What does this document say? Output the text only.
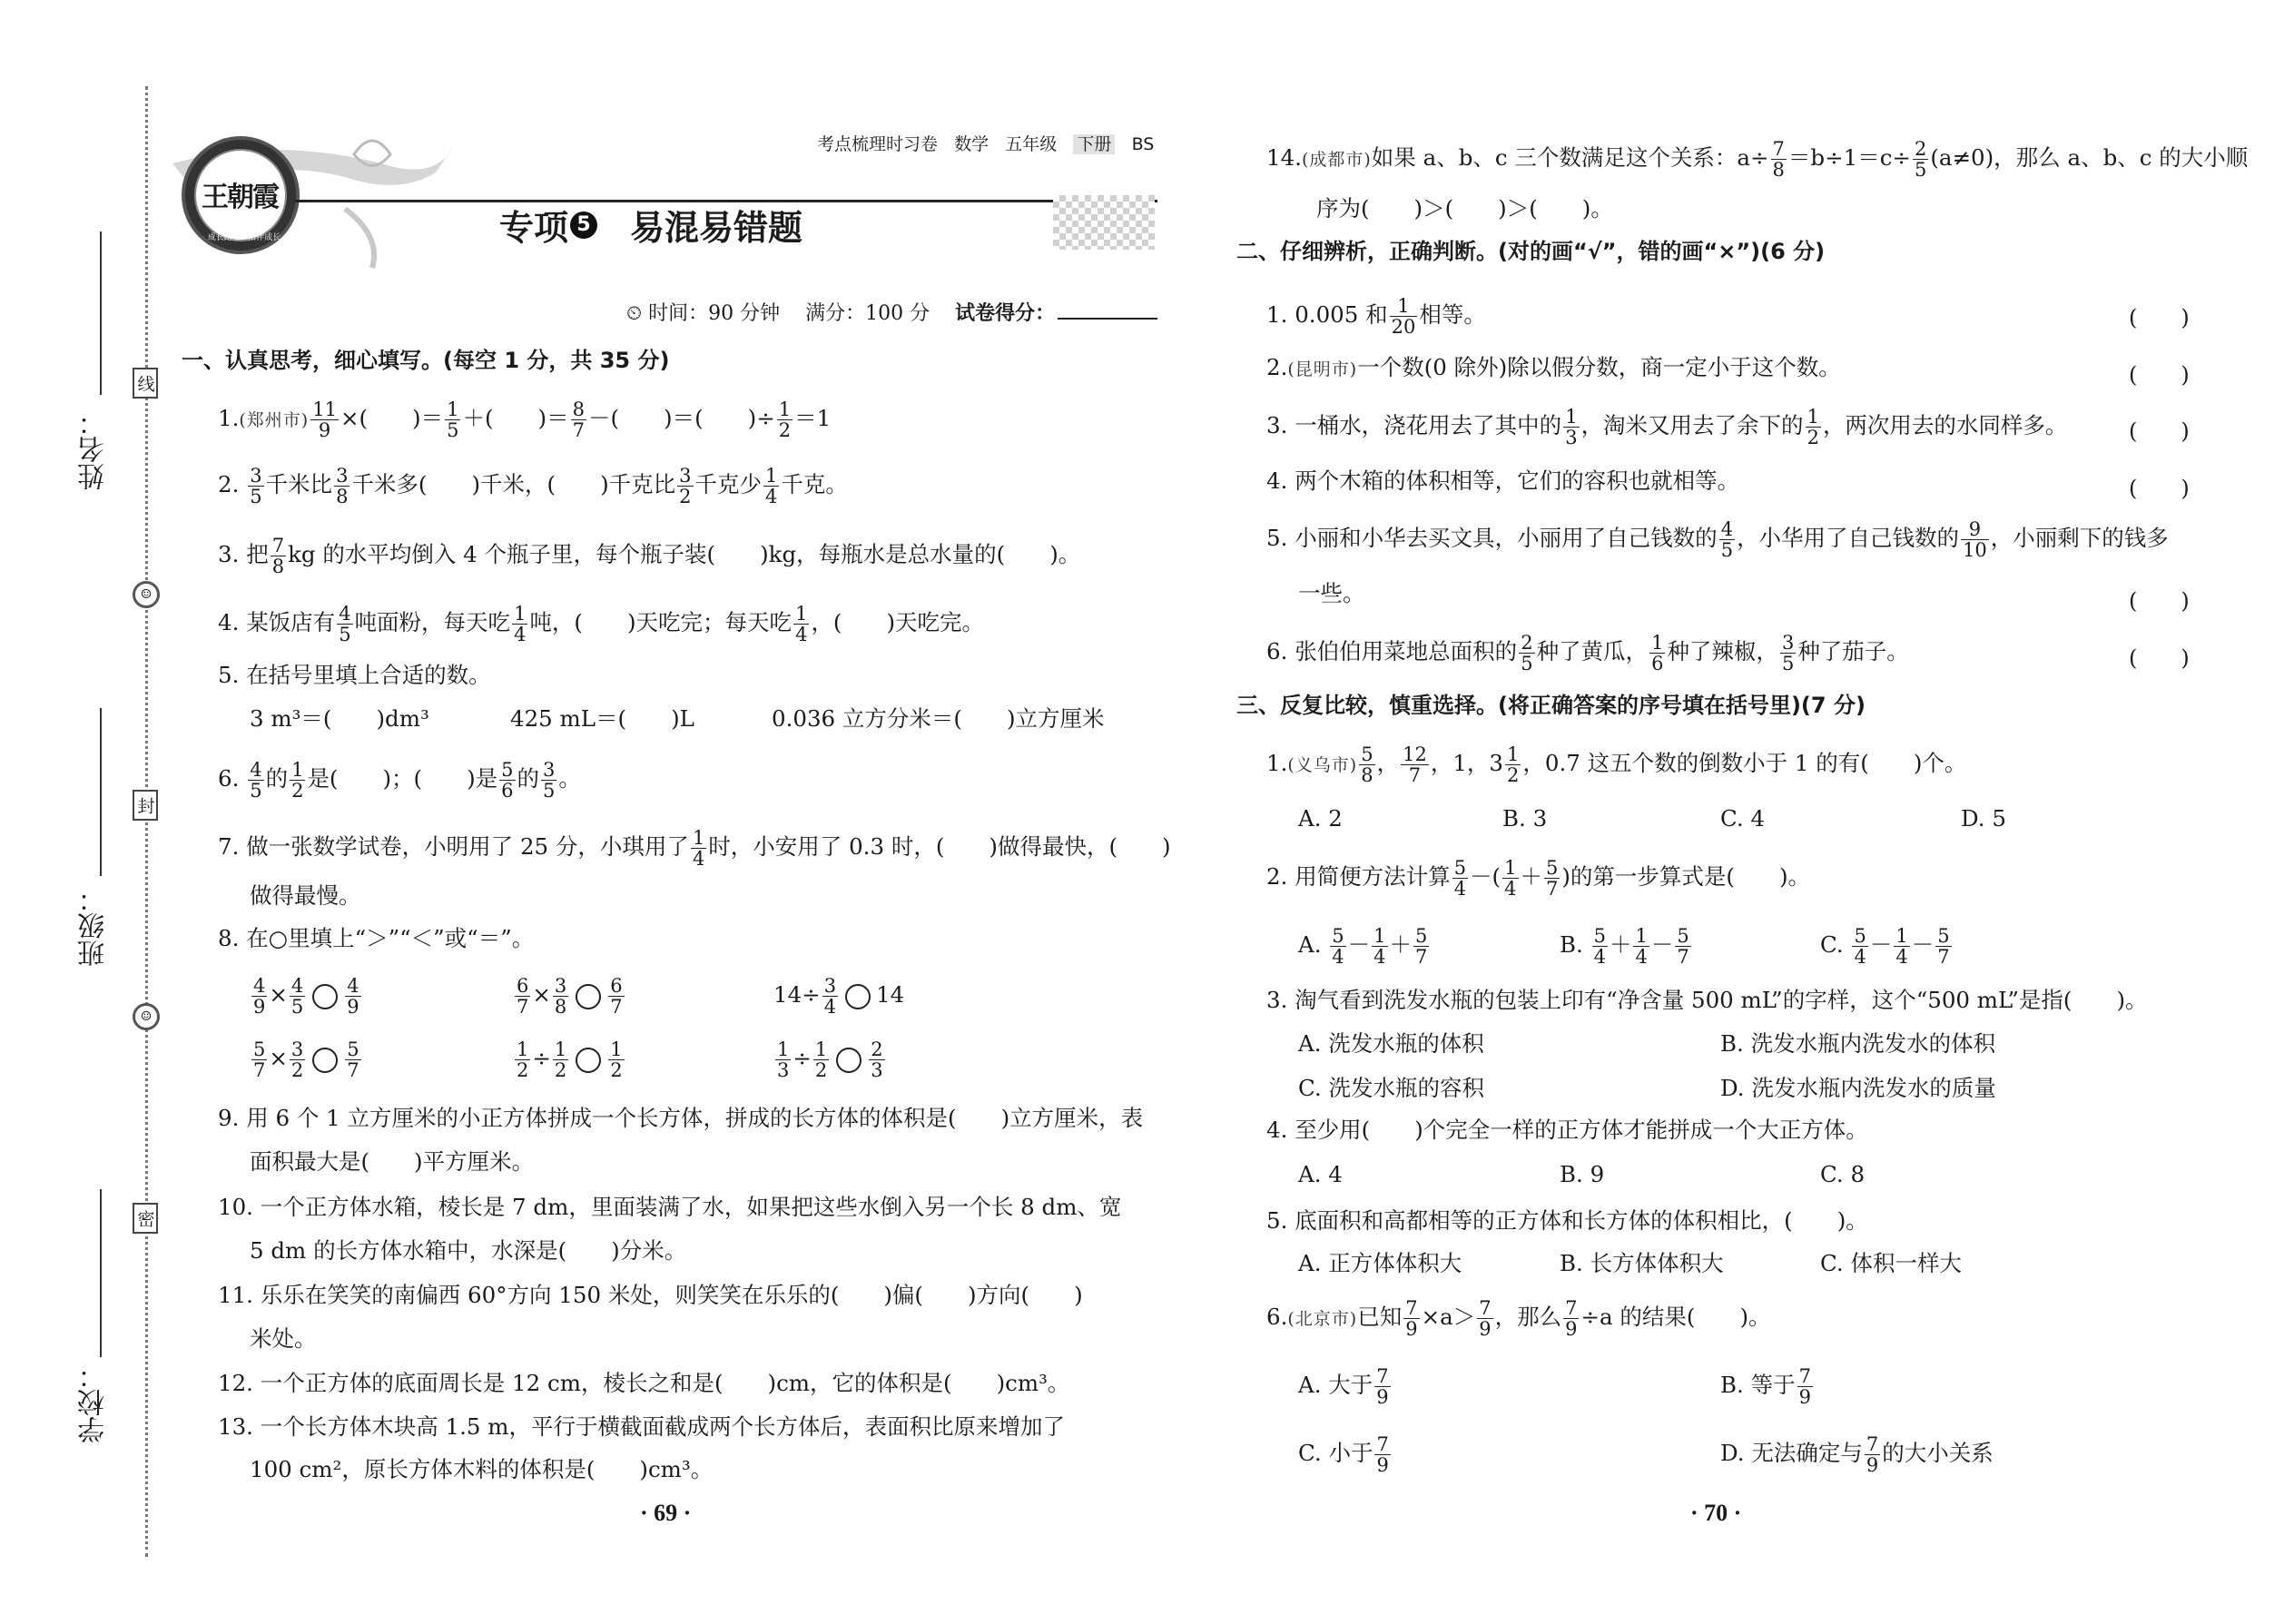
姓名：
班级：
学校：
线
☺
封
☺
密
王朝霞
成长路上 · 陪伴成长
考点梳理时习卷 数学 五年级 下册 BS
专项 5 易混易错题
⏲ 时间：90 分钟 满分：100 分 试卷得分：
一、认真思考，细心填写。(每空 1 分，共 35 分)
1.(郑州市) $\frac{11}{9}$ ×(　　)＝ $\frac{1}{5}$ ＋(　　)＝ $\frac{8}{7}$ －(　　)＝(　　)÷ $\frac{1}{2} =1$
2. $\frac{3}{5}$ 千米比 $\frac{3}{8}$ 千米多(　　)千米，(　　)千克比 $\frac{3}{2}$ 千克少 $\frac{1}{4}$ 千克。
3. 把 $\frac{7}{8}$ kg 的水平均倒入 4 个瓶子里，每个瓶子装(　　)kg，每瓶水是总水量的(　　)。
4. 某饭店有 $\frac{4}{5}$ 吨面粉，每天吃 $\frac{1}{4}$ 吨，(　　)天吃完；每天吃 $\frac{1}{4}$ ，(　　)天吃完。
5. 在括号里填上合适的数。
3 m³＝(　　)dm³	425 mL＝(　　)L	0.036 立方分米＝(　　)立方厘米
6. $\frac{4}{5}$ 的 $\frac{1}{2}$ 是(　　)；(　　)是 $\frac{5}{6}$ 的 $\frac{3}{5}$ 。
7. 做一张数学试卷，小明用了 25 分，小琪用了 $\frac{1}{4}$ 时，小安用了 0.3 时，(　　)做得最快，(　　)
做得最慢。
8. 在○里填上“＞”“＜”或“＝”。
$\frac{4}{9} \times \frac{4}{5} \frac{4}{9}$	$\frac{6}{7} \times \frac{3}{8} \frac{6}{7}$	$14\div \frac{3}{4} 14$
$\frac{5}{7} \times \frac{3}{2} \frac{5}{7}$	$\frac{1}{2} \div \frac{1}{2} \frac{1}{2}$	$\frac{1}{3} \div \frac{1}{2} \frac{2}{3}$
9. 用 6 个 1 立方厘米的小正方体拼成一个长方体，拼成的长方体的体积是(　　)立方厘米，表
面积最大是(　　)平方厘米。
10. 一个正方体水箱，棱长是 7 dm，里面装满了水，如果把这些水倒入另一个长 8 dm、宽
5 dm 的长方体水箱中，水深是(　　)分米。
11. 乐乐在笑笑的南偏西 60°方向 150 米处，则笑笑在乐乐的(　　)偏(　　)方向(　　)
米处。
12. 一个正方体的底面周长是 12 cm，棱长之和是(　　)cm，它的体积是(　　)cm³。
13. 一个长方体木块高 1.5 m，平行于横截面截成两个长方体后，表面积比原来增加了
100 cm²，原长方体木料的体积是(　　)cm³。
· 69 ·
14.(成都市)如果 a、b、c 三个数满足这个关系：$a\div \frac{7}{8} =b\div 1=c\div \frac{2}{5} (a\ne 0)$，那么 a、b、c 的大小顺
序为(　　)＞(　　)＞(　　)。
二、仔细辨析，正确判断。(对的画“√”，错的画“×”)(6 分)
1. 0.005 和 $\frac{1}{20}$ 相等。	(　　)
2.(昆明市)一个数(0 除外)除以假分数，商一定小于这个数。	(　　)
3. 一桶水，浇花用去了其中的 $\frac{1}{3}$ ，淘米又用去了余下的 $\frac{1}{2}$ ，两次用去的水同样多。	(　　)
4. 两个木箱的体积相等，它们的容积也就相等。	(　　)
5. 小丽和小华去买文具，小丽用了自己钱数的 $\frac{4}{5}$ ，小华用了自己钱数的 $\frac{9}{10}$ ，小丽剩下的钱多
一些。	(　　)
6. 张伯伯用菜地总面积的 $\frac{2}{5}$ 种了黄瓜， $\frac{1}{6}$ 种了辣椒， $\frac{3}{5}$ 种了茄子。	(　　)
三、反复比较，慎重选择。(将正确答案的序号填在括号里)(7 分)
1.(义乌市) $\frac{5}{8}$ ， $\frac{12}{7}$ ，1，$3 \frac{1}{2}$ ，0.7 这五个数的倒数小于 1 的有(　　)个。
A. 2	B. 3	C. 4	D. 5
2. 用简便方法计算 $\frac{5}{4}$ －( $\frac{1}{4} + \frac{5}{7}$ )的第一步算式是(　　)。
A. $\frac{5}{4} - \frac{1}{4} + \frac{5}{7}$	B. $\frac{5}{4} + \frac{1}{4} - \frac{5}{7}$	C. $\frac{5}{4} - \frac{1}{4} - \frac{5}{7}$
3. 淘气看到洗发水瓶的包装上印有“净含量 500 mL”的字样，这个“500 mL”是指(　　)。
A. 洗发水瓶的体积	B. 洗发水瓶内洗发水的体积
C. 洗发水瓶的容积	D. 洗发水瓶内洗发水的质量
4. 至少用(　　)个完全一样的正方体才能拼成一个大正方体。
A. 4	B. 9	C. 8
5. 底面积和高都相等的正方体和长方体的体积相比，(　　)。
A. 正方体体积大	B. 长方体体积大	C. 体积一样大
6.(北京市)已知 $\frac{7}{9} \times a> \frac{7}{9}$ ，那么 $\frac{7}{9} \div a$ 的结果(　　)。
A. 大于 $\frac{7}{9}$	B. 等于 $\frac{7}{9}$
C. 小于 $\frac{7}{9}$	D. 无法确定与 $\frac{7}{9}$ 的大小关系
· 70 ·
